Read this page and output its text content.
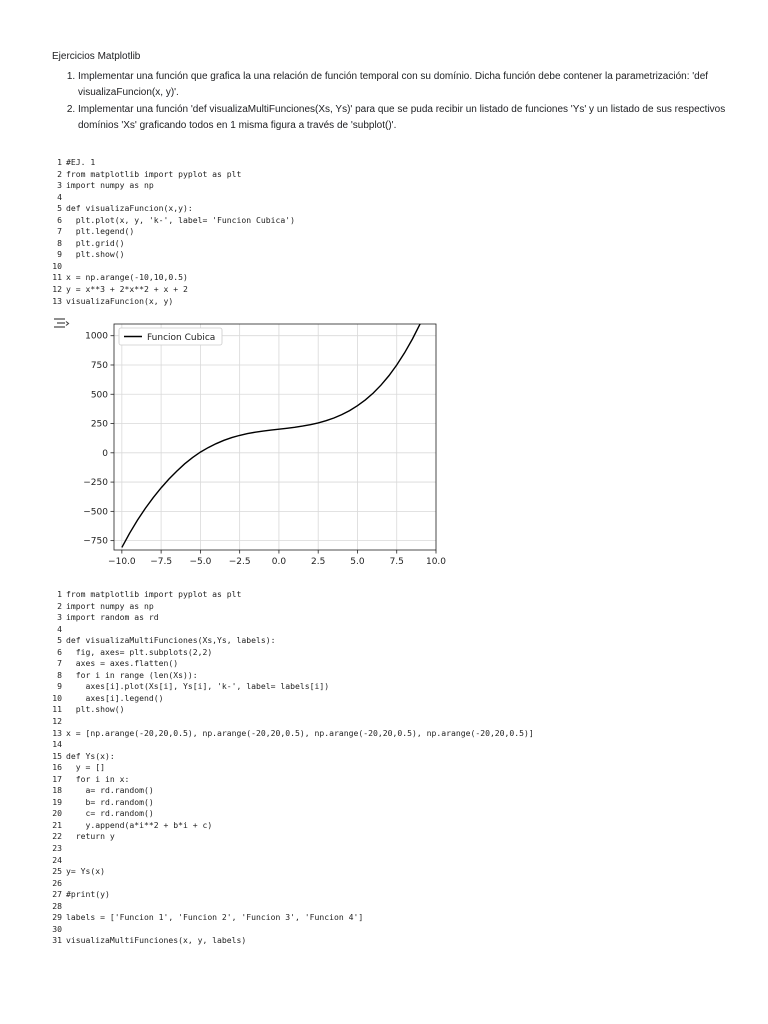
Ejercicios Matplotlib
1. Implementar una función que grafica la una relación de función temporal con su domínio. Dicha función debe contener la parametrización: 'def visualizaFuncion(x, y)'.
2. Implementar una función 'def visualizaMultiFunciones(Xs, Ys)' para que se puda recibir un listado de funciones 'Ys' y un listado de sus respectivos domínios 'Xs' graficando todos en 1 misma figura a través de 'subplot()'.
1 #EJ. 1
2 from matplotlib import pyplot as plt
3 import numpy as np
4
5 def visualizaFuncion(x,y):
6 plt.plot(x, y, 'k-', label= 'Funcion Cubica')
7 plt.legend()
8 plt.grid()
9 plt.show()
10
11 x = np.arange(-10,10,0.5)
12 y = x**3 + 2*x**2 + x + 2
13 visualizaFuncion(x, y)
−10.0 −7.5 −5.0 −2.5 0.0	2.5	5.0	7.5 10.0
−750
−500
−250
0
250
500
750
1000	Funcion Cubica
1 from matplotlib import pyplot as plt
2 import numpy as np
3 import random as rd
4
5 def visualizaMultiFunciones(Xs,Ys, labels):
6 fig, axes= plt.subplots(2,2)
7 axes = axes.flatten()
8 for i in range (len(Xs)):
9 axes[i].plot(Xs[i], Ys[i], 'k-', label= labels[i])
10 axes[i].legend()
11 plt.show()
12
13 x = [np.arange(-20,20,0.5), np.arange(-20,20,0.5), np.arange(-20,20,0.5), np.arange(-20,20,0.5)]
14
15 def Ys(x):
16 y = []
17 for i in x:
18 a= rd.random()
19 b= rd.random()
20 c= rd.random()
21 y.append(a*i**2 + b*i + c)
22 return y
23
24
25 y= Ys(x)
26
27 #print(y)
28
29 labels = ['Funcion 1', 'Funcion 2', 'Funcion 3', 'Funcion 4']
30
31 visualizaMultiFunciones(x, y, labels)
